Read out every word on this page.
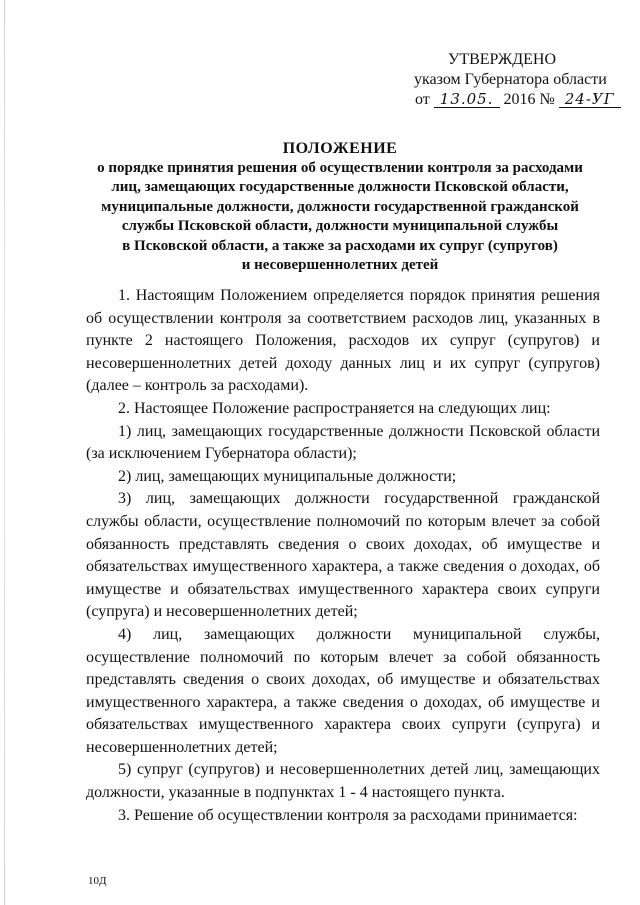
УТВЕРЖДЕНО
указом Губернатора области
от 13.05. 2016 № 24-УГ
ПОЛОЖЕНИЕ
о порядке принятия решения об осуществлении контроля за расходами
лиц, замещающих государственные должности Псковской области,
муниципальные должности, должности государственной гражданской
службы Псковской области, должности муниципальной службы
в Псковской области, а также за расходами их супруг (супругов)
и несовершеннолетних детей

1. Настоящим Положением определяется порядок принятия решения об осуществлении контроля за соответствием расходов лиц, указанных в пункте 2 настоящего Положения, расходов их супруг (супругов) и несовершеннолетних детей доходу данных лиц и их супруг (супругов) (далее – контроль за расходами).

2. Настоящее Положение распространяется на следующих лиц:

1) лиц, замещающих государственные должности Псковской области (за исключением Губернатора области);

2) лиц, замещающих муниципальные должности;

3) лиц, замещающих должности государственной гражданской службы области, осуществление полномочий по которым влечет за собой обязанность представлять сведения о своих доходах, об имуществе и обязательствах имущественного характера, а также сведения о доходах, об имуществе и обязательствах имущественного характера своих супруги (супруга) и несовершеннолетних детей;

4) лиц, замещающих должности муниципальной службы, осуществление полномочий по которым влечет за собой обязанность представлять сведения о своих доходах, об имуществе и обязательствах имущественного характера, а также сведения о доходах, об имуществе и обязательствах имущественного характера своих супруги (супруга) и несовершеннолетних детей;

5) супруг (супругов) и несовершеннолетних детей лиц, замещающих должности, указанные в подпунктах 1 - 4 настоящего пункта.

3. Решение об осуществлении контроля за расходами принимается:

10Д
